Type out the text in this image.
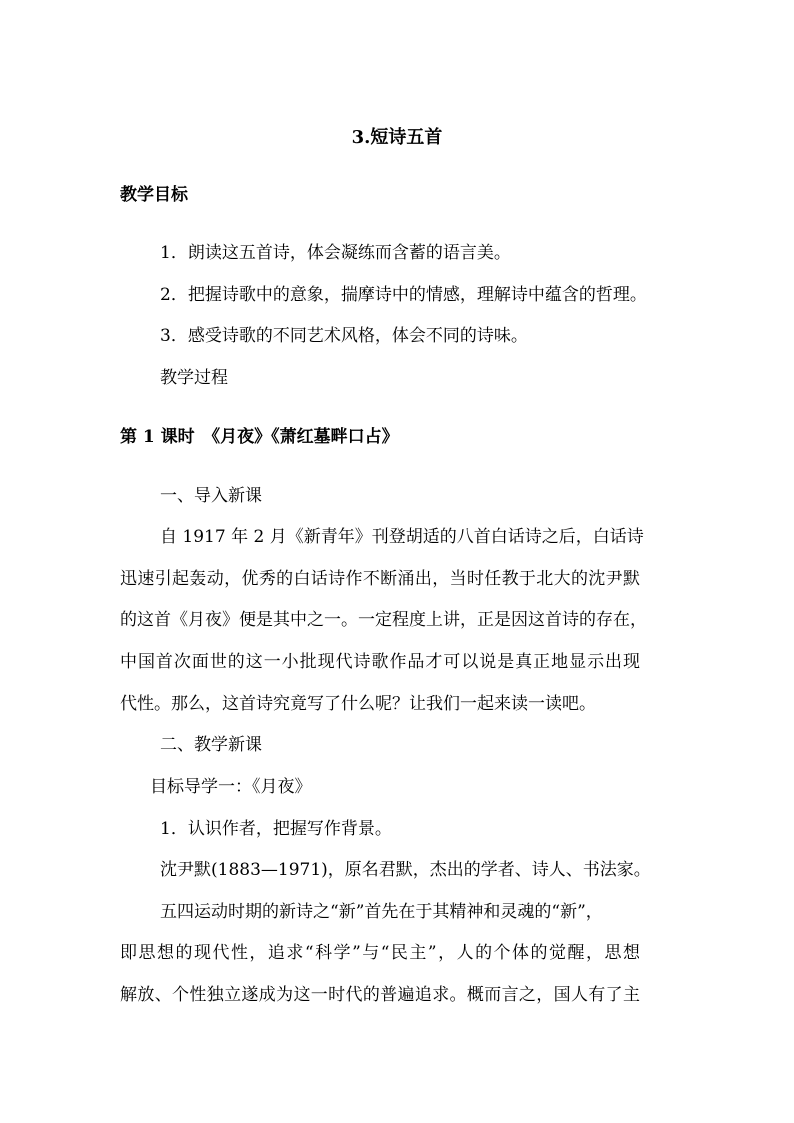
3.短诗五首
教学目标
1．朗读这五首诗，体会凝练而含蓄的语言美。
2．把握诗歌中的意象，揣摩诗中的情感，理解诗中蕴含的哲理。
3．感受诗歌的不同艺术风格，体会不同的诗味。
教学过程
第 1 课时　《月夜》《萧红墓畔口占》
一、导入新课
自 1917 年 2 月《新青年》刊登胡适的八首白话诗之后，白话诗
迅速引起轰动，优秀的白话诗作不断涌出，当时任教于北大的沈尹默
的这首《月夜》便是其中之一。一定程度上讲，正是因这首诗的存在，
中国首次面世的这一小批现代诗歌作品才可以说是真正地显示出现
代性。那么，这首诗究竟写了什么呢？让我们一起来读一读吧。
二、教学新课
目标导学一：《月夜》
1．认识作者，把握写作背景。
沈尹默(1883—1971)，原名君默，杰出的学者、诗人、书法家。
五四运动时期的新诗之“新”首先在于其精神和灵魂的“新”，
即思想的现代性，追求“科学”与“民主”，人的个体的觉醒，思想
解放、个性独立遂成为这一时代的普遍追求。概而言之，国人有了主
